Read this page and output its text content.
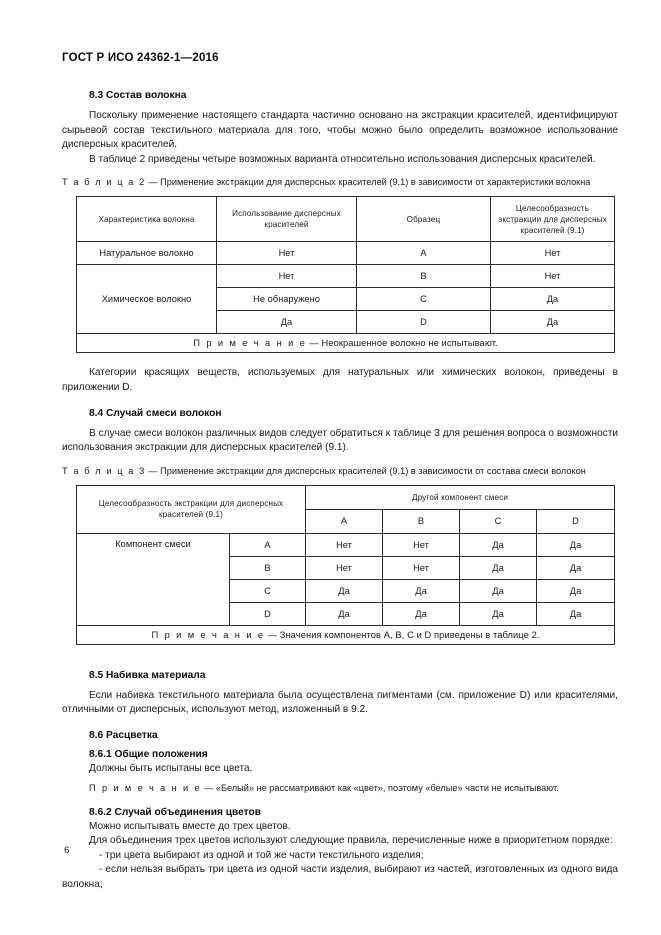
ГОСТ Р ИСО 24362-1—2016
8.3 Состав волокна

Поскольку применение настоящего стандарта частично основано на экстракции красителей, идентифицируют сырьевой состав текстильного материала для того, чтобы можно было определить возможное использование дисперсных красителей.

В таблице 2 приведены четыре возможных варианта относительно использования дисперсных красителей.

Т а б л и ц а 2 — Применение экстракции для дисперсных красителей (9.1) в зависимости от характеристики волокна

Характеристика волокна	Использование дисперсных красителей	Образец	Целесообразность экстракции для дисперсных красителей (9.1)
Натуральное волокно	Нет	A	Нет
Химическое волокно	Нет	B	Нет
	Не обнаружено	C	Да
	Да	D	Да
П р и м е ч а н и е — Неокрашенное волокно не испытывают.			

Категории красящих веществ, используемых для натуральных или химических волокон, приведены в приложении D.

8.4 Случай смеси волокон

В случае смеси волокон различных видов следует обратиться к таблице 3 для решения вопроса о возможности использования экстракции для дисперсных красителей (9.1).

Т а б л и ц а 3 — Применение экстракции для дисперсных красителей (9.1) в зависимости от состава смеси волокон

Целесообразность экстракции для дисперсных красителей (9.1)		Другой компонент смеси			
		A	B	C	D
Компонент смеси	A	Нет	Нет	Да	Да
	B	Нет	Нет	Да	Да
	C	Да	Да	Да	Да
	D	Да	Да	Да	Да
П р и м е ч а н и е — Значения компонентов A, B, C и D приведены в таблице 2.					
8.5 Набивка материала

Если набивка текстильного материала была осуществлена пигментами (см. приложение D) или красителями, отличными от дисперсных, используют метод, изложенный в 9.2.

8.6 Расцветка
8.6.1 Общие положения

Должны быть испытаны все цвета.

П р и м е ч а н и е — «Белый» не рассматривают как «цвет», поэтому «белые» части не испытывают.

8.6.2 Случай объединения цветов

Можно испытывать вместе до трех цветов.

Для объединения трех цветов используют следующие правила, перечисленные ниже в приоритетном порядке:

- три цвета выбирают из одной и той же части текстильного изделия;

- если нельзя выбрать три цвета из одной части изделия, выбирают из частей, изготовленных из одного вида волокна;

6
